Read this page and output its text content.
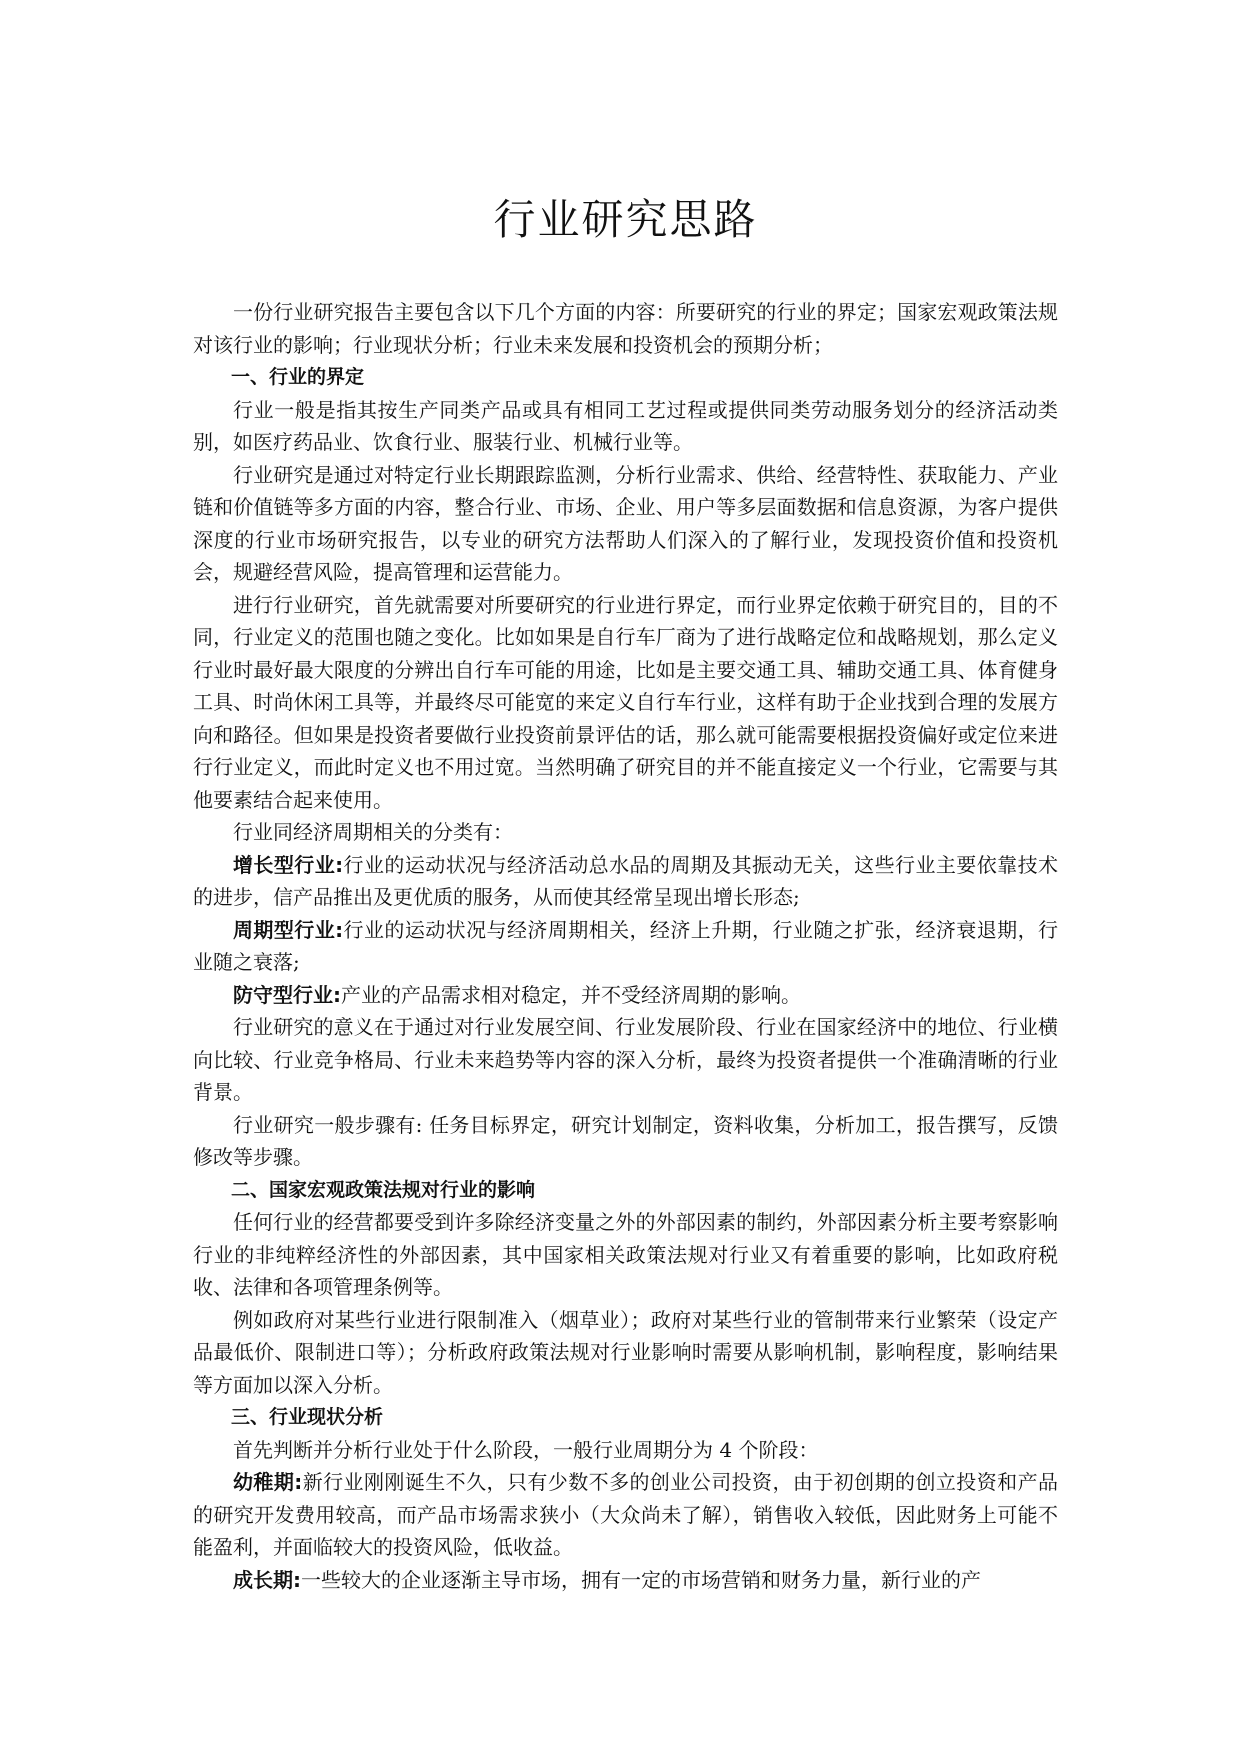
行业研究思路

一份行业研究报告主要包含以下几个方面的内容：所要研究的行业的界定；国家宏观政策法规对该行业的影响；行业现状分析；行业未来发展和投资机会的预期分析；

一、行业的界定

行业一般是指其按生产同类产品或具有相同工艺过程或提供同类劳动服务划分的经济活动类别，如医疗药品业、饮食行业、服装行业、机械行业等。

行业研究是通过对特定行业长期跟踪监测，分析行业需求、供给、经营特性、获取能力、产业链和价值链等多方面的内容，整合行业、市场、企业、用户等多层面数据和信息资源，为客户提供深度的行业市场研究报告，以专业的研究方法帮助人们深入的了解行业，发现投资价值和投资机会，规避经营风险，提高管理和运营能力。

进行行业研究，首先就需要对所要研究的行业进行界定，而行业界定依赖于研究目的，目的不同，行业定义的范围也随之变化。比如如果是自行车厂商为了进行战略定位和战略规划，那么定义行业时最好最大限度的分辨出自行车可能的用途，比如是主要交通工具、辅助交通工具、体育健身工具、时尚休闲工具等，并最终尽可能宽的来定义自行车行业，这样有助于企业找到合理的发展方向和路径。但如果是投资者要做行业投资前景评估的话，那么就可能需要根据投资偏好或定位来进行行业定义，而此时定义也不用过宽。当然明确了研究目的并不能直接定义一个行业，它需要与其他要素结合起来使用。

行业同经济周期相关的分类有：

增长型行业:行业的运动状况与经济活动总水品的周期及其振动无关，这些行业主要依靠技术的进步，信产品推出及更优质的服务，从而使其经常呈现出增长形态;

周期型行业:行业的运动状况与经济周期相关，经济上升期，行业随之扩张，经济衰退期，行业随之衰落;

防守型行业:产业的产品需求相对稳定，并不受经济周期的影响。

行业研究的意义在于通过对行业发展空间、行业发展阶段、行业在国家经济中的地位、行业横向比较、行业竞争格局、行业未来趋势等内容的深入分析，最终为投资者提供一个准确清晰的行业背景。

行业研究一般步骤有: 任务目标界定，研究计划制定，资料收集，分析加工，报告撰写，反馈修改等步骤。

二、国家宏观政策法规对行业的影响

任何行业的经营都要受到许多除经济变量之外的外部因素的制约，外部因素分析主要考察影响行业的非纯粹经济性的外部因素，其中国家相关政策法规对行业又有着重要的影响，比如政府税收、法律和各项管理条例等。

例如政府对某些行业进行限制准入（烟草业）；政府对某些行业的管制带来行业繁荣（设定产品最低价、限制进口等）；分析政府政策法规对行业影响时需要从影响机制，影响程度，影响结果等方面加以深入分析。

三、行业现状分析

首先判断并分析行业处于什么阶段，一般行业周期分为 4 个阶段：

幼稚期:新行业刚刚诞生不久，只有少数不多的创业公司投资，由于初创期的创立投资和产品的研究开发费用较高，而产品市场需求狭小（大众尚未了解），销售收入较低，因此财务上可能不能盈利，并面临较大的投资风险，低收益。

成长期:一些较大的企业逐渐主导市场，拥有一定的市场营销和财务力量，新行业的产
